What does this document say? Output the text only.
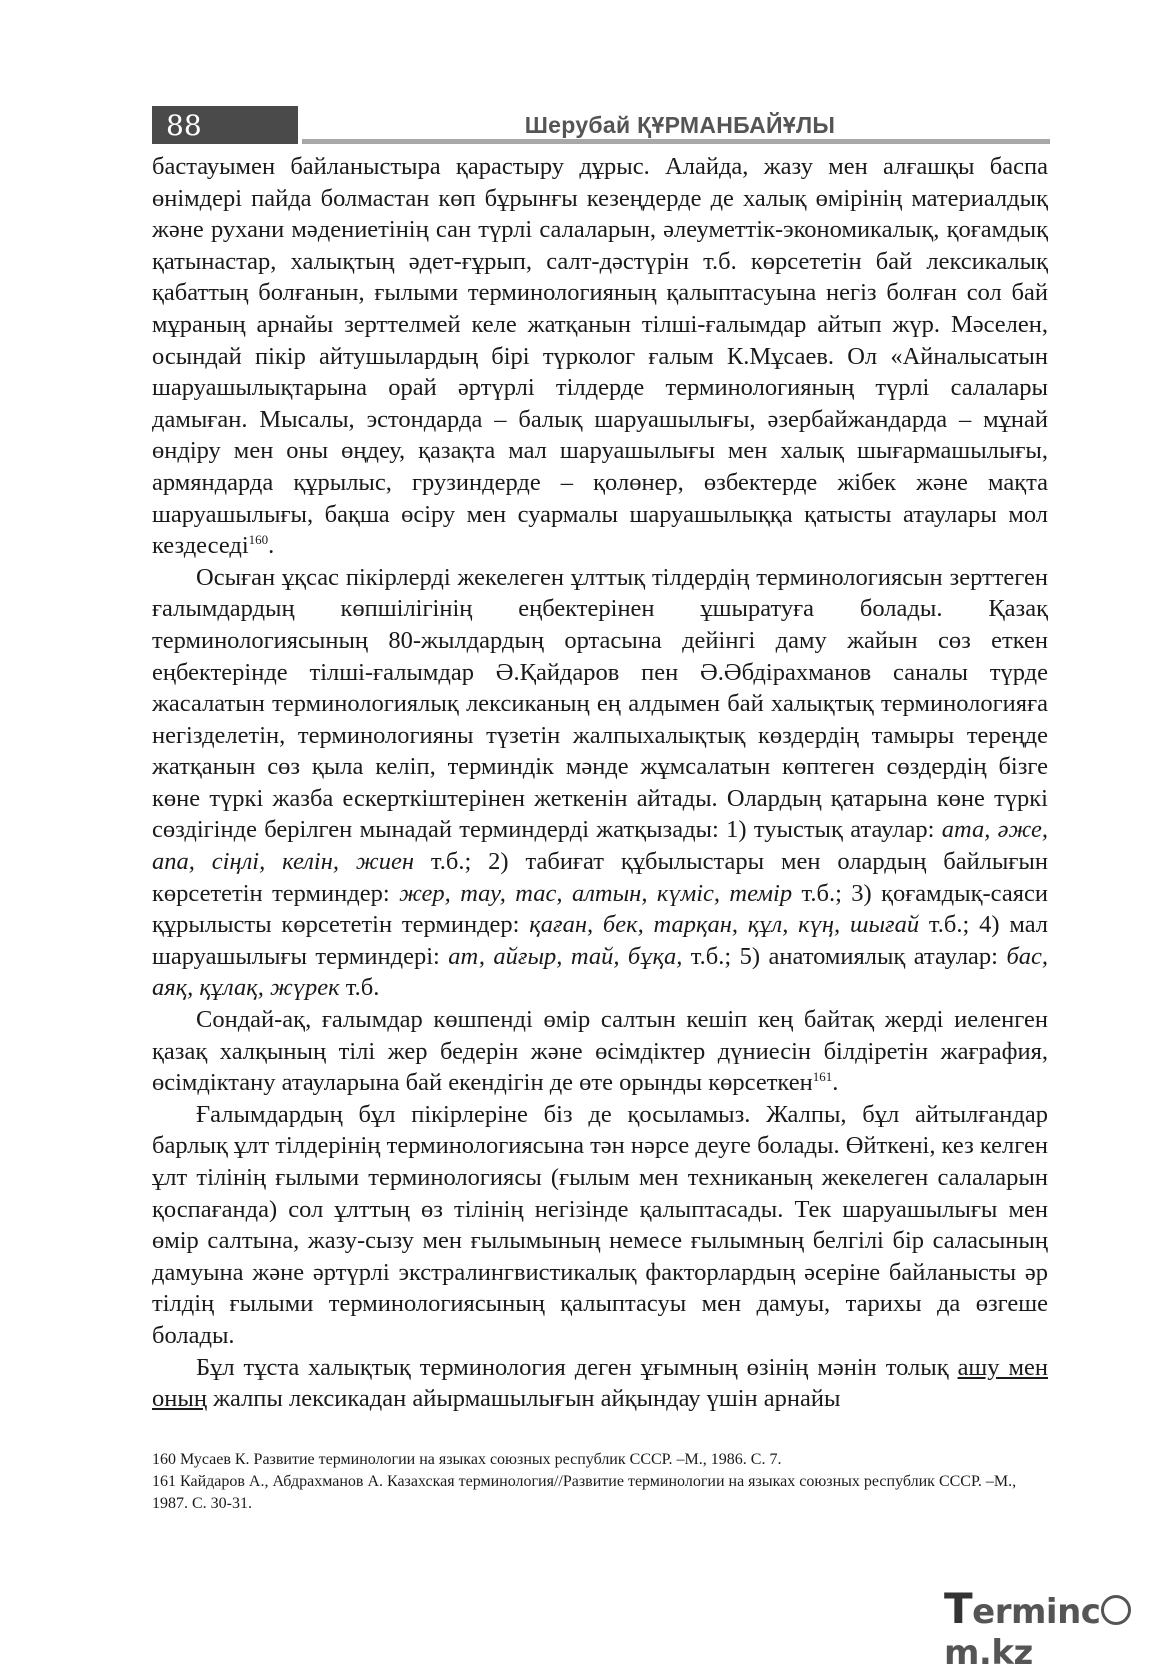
88	Шерубай ҚҰРМАНБАЙҰЛЫ

бастауымен байланыстыра қарастыру дұрыс. Алайда, жазу мен алғашқы баспа өнімдері пайда болмастан көп бұрынғы кезеңдерде де халық өмірінің материалдық және рухани мәдениетінің сан түрлі салаларын, әлеуметтік-экономикалық, қоғамдық қатынастар, халықтың әдет-ғұрып, салт-дәстүрін т.б. көрсететін бай лексикалық қабаттың болғанын, ғылыми терминологияның қалыптасуына негіз болған сол бай мұраның арнайы зерттелмей келе жатқанын тілші-ғалымдар айтып жүр. Мәселен, осындай пікір айтушылардың бірі түрколог ғалым К.Мұсаев. Ол «Айналысатын шаруашылықтарына орай әртүрлі тілдерде терминологияның түрлі салалары дамыған. Мысалы, эстондарда – балық шаруашылығы, әзербайжандарда – мұнай өндіру мен оны өңдеу, қазақта мал шаруашылығы мен халық шығармашылығы, армяндарда құрылыс, грузиндерде – қолөнер, өзбектерде жібек және мақта шаруашылығы, бақша өсіру мен суармалы шаруашылыққа қатысты атаулары мол кездеседі$^{160}$.

Осыған ұқсас пікірлерді жекелеген ұлттық тілдердің терминологиясын зерттеген ғалымдардың көпшілігінің еңбектерінен ұшыратуға болады. Қазақ терминологиясының 80-жылдардың ортасына дейінгі даму жайын сөз еткен еңбектерінде тілші-ғалымдар Ә.Қайдаров пен Ә.Әбдірахманов саналы түрде жасалатын терминологиялық лексиканың ең алдымен бай халықтық терминологияға негізделетін, терминологияны түзетін жалпыхалықтық көздердің тамыры тереңде жатқанын сөз қыла келіп, терминдік мәнде жұмсалатын көптеген сөздердің бізге көне түркі жазба ескерткіштерінен жеткенін айтады. Олардың қатарына көне түркі сөздігінде берілген мынадай терминдерді жатқызады: 1) туыстық атаулар: ата, әже, апа, сіңлі, келін, жиен т.б.; 2) табиғат құбылыстары мен олардың байлығын көрсететін терминдер: жер, тау, тас, алтын, күміс, темір т.б.; 3) қоғамдық-саяси құрылысты көрсететін терминдер: қаған, бек, тарқан, құл, күң, шығай т.б.; 4) мал шаруашылығы терминдері: ат, айғыр, тай, бұқа, т.б.; 5) анатомиялық атаулар: бас, аяқ, құлақ, жүрек т.б.

Сондай-ақ, ғалымдар көшпенді өмір салтын кешіп кең байтақ жерді иеленген қазақ халқының тілі жер бедерін және өсімдіктер дүниесін білдіретін жағрафия, өсімдіктану атауларына бай екендігін де өте орынды көрсеткен$^{161}$.

Ғалымдардың бұл пікірлеріне біз де қосыламыз. Жалпы, бұл айтылғандар барлық ұлт тілдерінің терминологиясына тән нәрсе деуге болады. Өйткені, кез келген ұлт тілінің ғылыми терминологиясы (ғылым мен техниканың жекелеген салаларын қоспағанда) сол ұлттың өз тілінің негізінде қалыптасады. Тек шаруашылығы мен өмір салтына, жазу-сызу мен ғылымының немесе ғылымның белгілі бір саласының дамуына және әртүрлі экстралингвистикалық факторлардың әсеріне байланысты әр тілдің ғылыми терминологиясының қалыптасуы мен дамуы, тарихы да өзгеше болады.

Бұл тұста халықтық терминология деген ұғымның өзінің мәнін толық ашу мен оның жалпы лексикадан айырмашылығын айқындау үшін арнайы

160 Мусаев К. Развитие терминологии на языках союзных республик СССР. –М., 1986. С. 7.

161 Кайдаров А., Абдрахманов А. Казахская терминология//Развитие терминологии на языках союзных республик СССР. –М., 1987. С. 30-31.

Termincm.kz
